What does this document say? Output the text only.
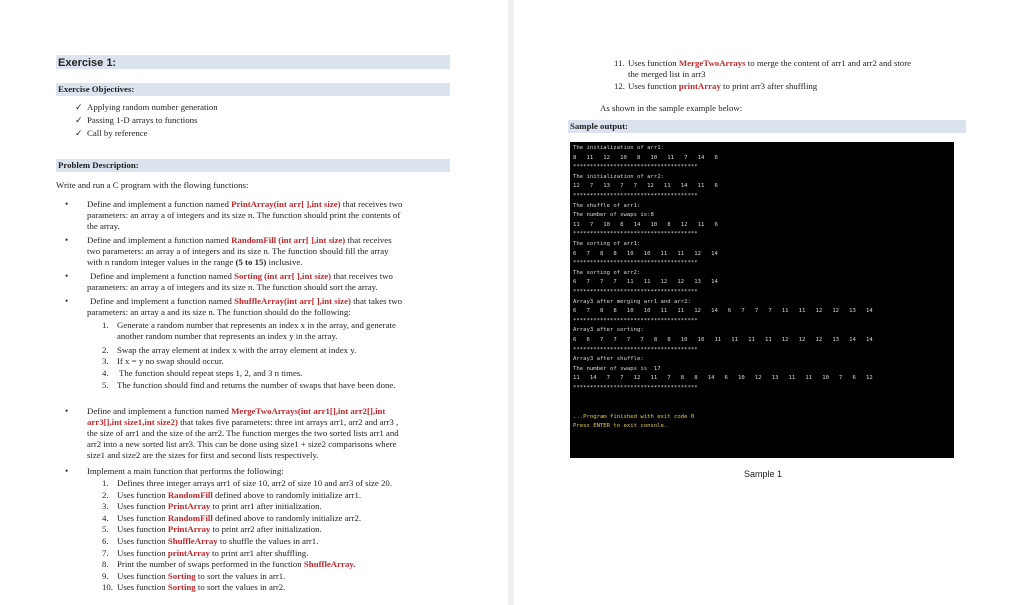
Exercise 1:
Exercise Objectives:
✓ Applying random number generation
✓ Passing 1-D arrays to functions
✓ Call by reference
Problem Description:
Write and run a C program with the flowing functions:
• Define and implement a function named PrintArray(int arr[ ],int size) that receives two
parameters: an array a of integers and its size n. The function should print the contents of
the array.
• Define and implement a function named RandomFill (int arr[ ],int size) that receives
two parameters: an array a of integers and its size n. The function should fill the array
with n random integer values in the range (5 to 15) inclusive.
• Define and implement a function named Sorting (int arr[ ],int size) that receives two
parameters: an array a of integers and its size n. The function should sort the array.
• Define and implement a function named ShuffleArray(int arr[ ],int size) that takes two
parameters: an array a and its size n. The function should do the following:
1. Generate a random number that represents an index x in the array, and generate
another random number that represents an index y in the array.
2. Swap the array element at index x with the array element at index y.
3. If x = y no swap should occur.
4. The function should repeat steps 1, 2, and 3 n times.
5. The function should find and returns the number of swaps that have been done.
• Define and implement a function named MergeTwoArrays(int arr1[],int arr2[],int
arr3[],int size1,int size2) that takes five parameters: three int arrays arr1, arr2 and arr3 ,
the size of arr1 and the size of the arr2. The function merges the two sorted lists arr1 and
arr2 into a new sorted list arr3. This can be done using size1 + size2 comparisons where
size1 and size2 are the sizes for first and second lists respectively.
• Implement a main function that performs the following:
1. Defines three integer arrays arr1 of size 10, arr2 of size 10 and arr3 of size 20.
2. Uses function RandomFill defined above to randomly initialize arr1.
3. Uses function PrintArray to print arr1 after initialization.
4. Uses function RandomFill defined above to randomly initialize arr2.
5. Uses function PrintArray to print arr2 after initialization.
6. Uses function ShuffleArray to shuffle the values in arr1.
7. Uses function printArray to print arr1 after shuffling.
8. Print the number of swaps performed in the function ShuffleArray.
9. Uses function Sorting to sort the values in arr1.
10. Uses function Sorting to sort the values in arr2.
11. Uses function MergeTwoArrays to merge the content of arr1 and arr2 and store
the merged list in arr3
12. Uses function printArray to print arr3 after shuffling
As shown in the sample example below:
Sample output:
The initialization of arr1:
8   11   12   10   8   10   11   7   14   6
*************************************
The initialization of arr2:
12   7   13   7   7   12   11   14   11   6
*************************************
The shuffle of arr1:
The number of swaps is:8
11   7   10   8   14   10   8   12   11   6
*************************************
The sorting of arr1:
6   7   8   8   10   10   11   11   12   14
*************************************
The sorting of arr2:
6   7   7   7   11   11   12   12   13   14
*************************************
Array3 after merging arr1 and arr2:
6   7   8   8   10   10   11   11   12   14   6   7   7   7   11   11   12   12   13   14
*************************************
Array3 after sorting:
6   6   7   7   7   7   8   8   10   10   11   11   11   11   12   12   12   13   14   14
*************************************
Array3 after shuffle:
The number of swaps is  17
11   14   7   7   12   11   7   8   8   14   6   10   12   13   11   11   10   7   6   12
*************************************
...Program finished with exit code 0
Press ENTER to exit console.
Sample 1
